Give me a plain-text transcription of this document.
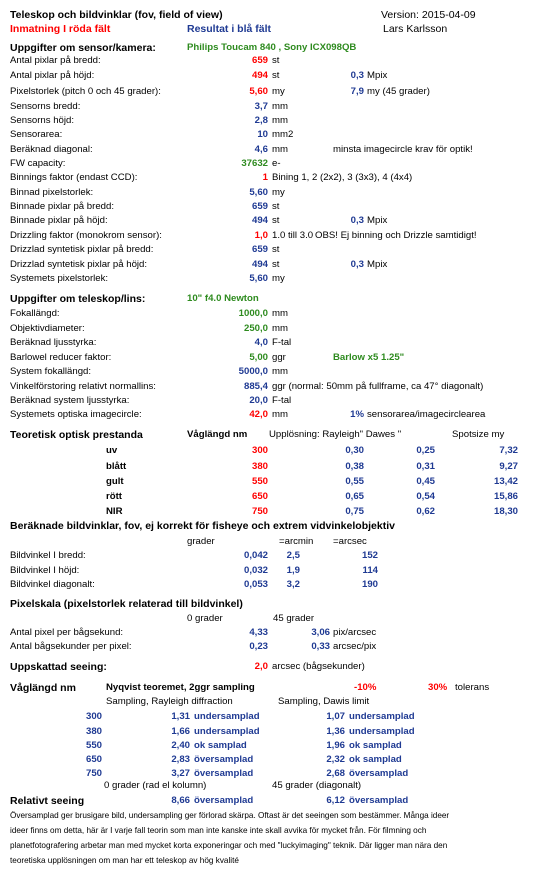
Teleskop och bildvinklar (fov, field of view)	Version: 2015-04-09
Inmatning I röda fält	Resultat i blå fält	Lars Karlsson
Uppgifter om sensor/kamera:	Philips Toucam 840 , Sony ICX098QB
Antal pixlar på bredd:	659 st
Antal pixlar på höjd:	494 st	0,3 Mpix
Pixelstorlek (pitch 0 och 45 grader):	5,60 my	7,9 my (45 grader)
Sensorns bredd:	3,7 mm
Sensorns höjd:	2,8 mm
Sensorarea:	10 mm2
Beräknad diagonal:	4,6 mm	minsta imagecircle krav för optik!
FW capacity:	37632 e-
Binnings faktor (endast CCD):	1 Bining 1, 2 (2x2), 3 (3x3), 4 (4x4)
Binnad pixelstorlek:	5,60 my
Binnade pixlar på bredd:	659 st
Binnade pixlar på höjd:	494 st	0,3 Mpix
Drizzling faktor (monokrom sensor):	1,0 1.0 till 3.0 OBS! Ej binning och Drizzle samtidigt!
Drizzlad syntetisk pixlar på bredd:	659 st
Drizzlad syntetisk pixlar på höjd:	494 st	0,3 Mpix
Systemets pixelstorlek:	5,60 my
Uppgifter om teleskop/lins:	10" f4.0 Newton
Fokallängd:	1000,0 mm
Objektivdiameter:	250,0 mm
Beräknad ljusstyrka:	4,0 F-tal
Barlowel reducer faktor:	5,00 ggr	Barlow x5 1.25"
System fokallängd:	5000,0 mm
Vinkelförstoring relativt normallins:	885,4 ggr (normal: 50mm på fullframe, ca 47° diagonalt)
Beräknad system ljusstyrka:	20,0 F-tal
Systemets optiska imagecircle:	42,0 mm	1% sensorarea/imagecirclearea
Teoretisk optisk prestanda	Våglängd nm Upplösning: Rayleigh" Dawes "	Spotsize my
uv	300	0,30	0,25	7,32
blått	380	0,38	0,31	9,27
gult	550	0,55	0,45	13,42
rött	650	0,65	0,54	15,86
NIR	750	0,75	0,62	18,30
Beräknade bildvinklar, fov, ej korrekt för fisheye och extrem vidvinkelobjektiv
grader	=arcmin =arcsec
Bildvinkel I bredd:	0,042	2,5	152
Bildvinkel I höjd:	0,032	1,9	114
Bildvinkel diagonalt:	0,053	3,2	190
Pixelskala (pixelstorlek relaterad till bildvinkel)
0 grader	45 grader
Antal pixel per bågsekund:	4,33	3,06 pix/arcsec
Antal bågsekunder per pixel:	0,23	0,33 arcsec/pix
Uppskattad seeing:	2,0 arcsec (bågsekunder)
Våglängd nm	Nyqvist teoremet, 2ggr sampling	-10%	30% tolerans
Sampling, Rayleigh diffraction	Sampling, Dawis limit
300	1,31 undersamplad	1,07 undersamplad
380	1,66 undersamplad	1,36 undersamplad
550	2,40 ok samplad	1,96 ok samplad
650	2,83 översamplad	2,32 ok samplad
750	3,27 översamplad	2,68 översamplad
0 grader (rad el kolumn)	45 grader (diagonalt)
Relativt seeing	8,66 översamplad	6,12 översamplad
Översamplad ger brusigare bild, undersampling ger förlorad skärpa. Oftast är det seeingen som bestämmer. Många ideer
ideer finns om detta, här är I varje fall teorin som man inte kanske inte skall avvika för mycket från. För filmning och
planetfotografering arbetar man med mycket korta exponeringar och med "luckyimaging" teknik. Där ligger man nära den
teoretiska upplösningen om man har ett teleskop av hög kvalité
